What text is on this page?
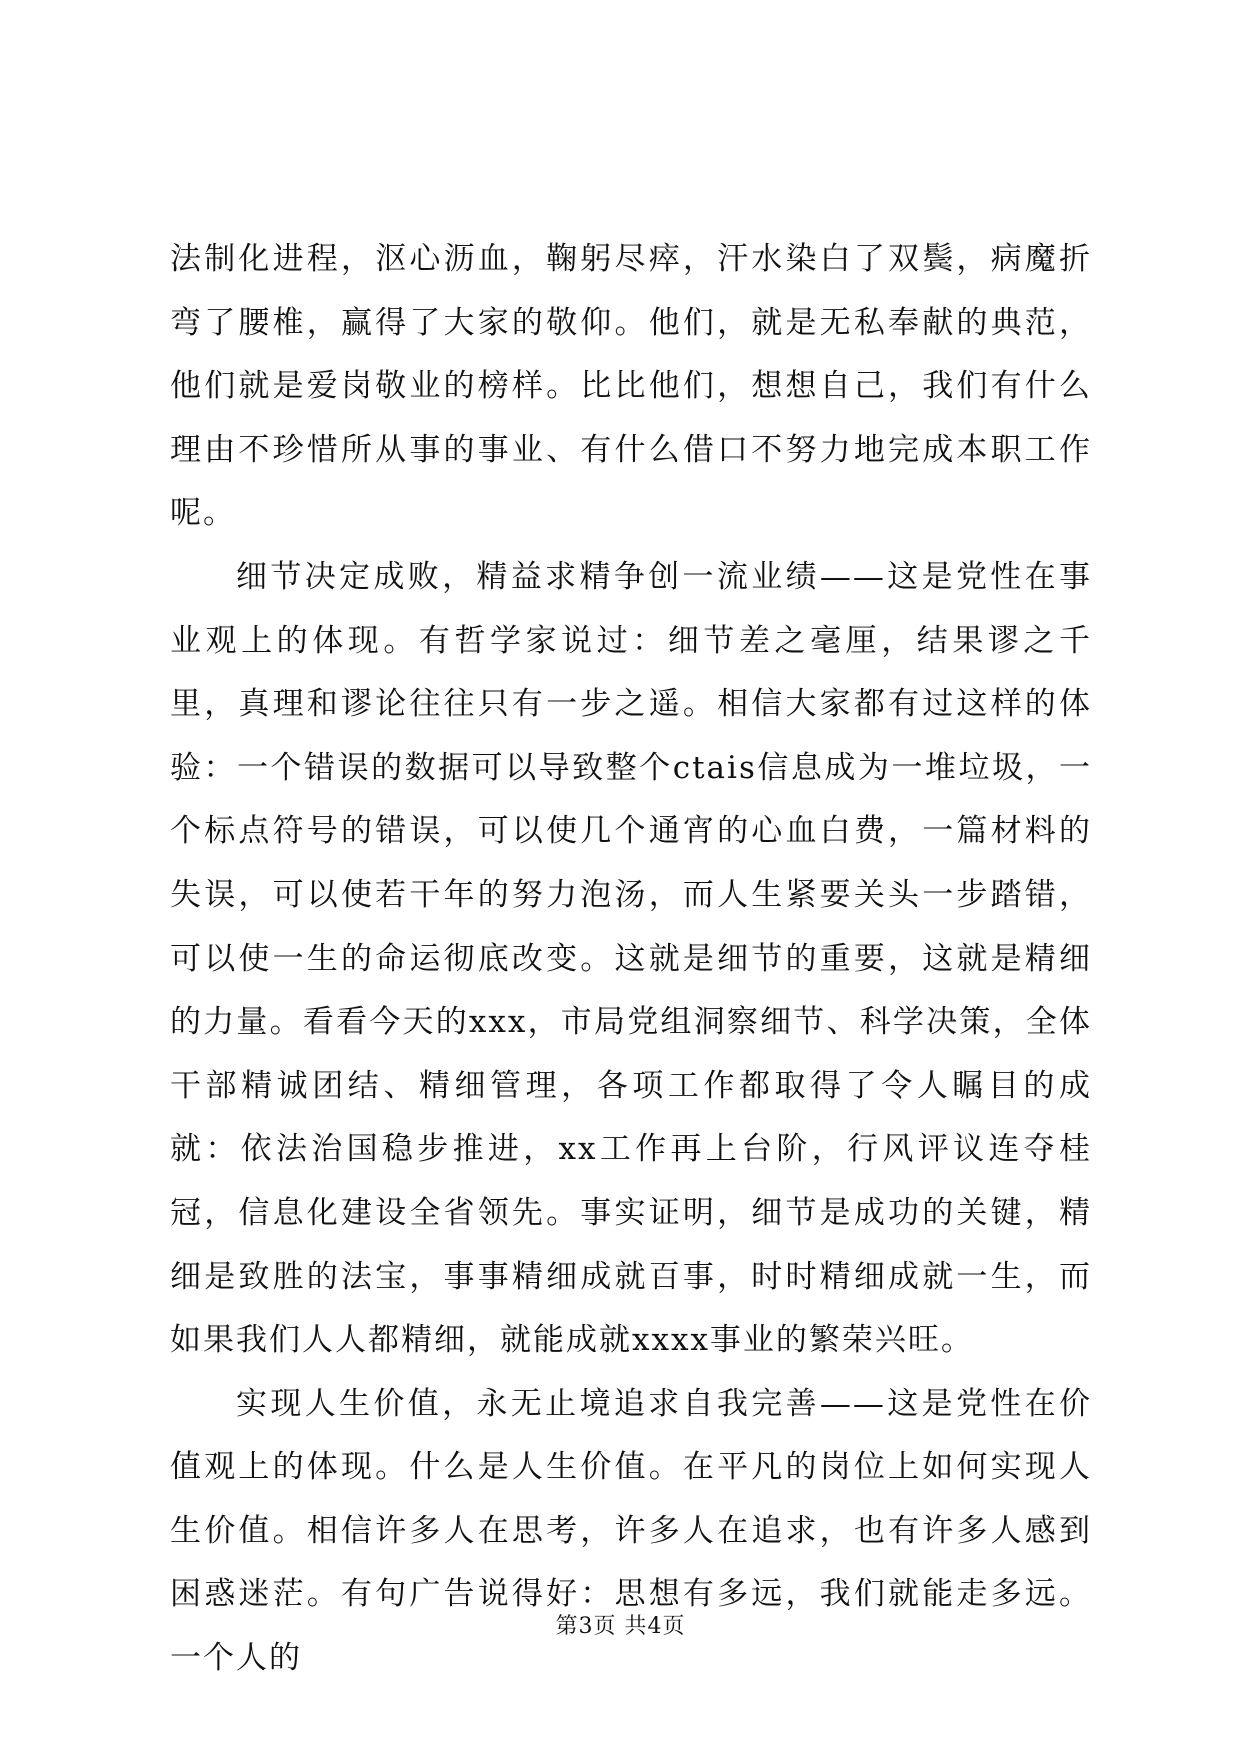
法制化进程，沤心沥血，鞠躬尽瘁，汗水染白了双鬓，病魔折弯了腰椎，赢得了大家的敬仰。他们，就是无私奉献的典范，他们就是爱岗敬业的榜样。比比他们，想想自己，我们有什么理由不珍惜所从事的事业、有什么借口不努力地完成本职工作呢。

细节决定成败，精益求精争创一流业绩——这是党性在事业观上的体现。有哲学家说过：细节差之毫厘，结果谬之千里，真理和谬论往往只有一步之遥。相信大家都有过这样的体验：一个错误的数据可以导致整个ctais信息成为一堆垃圾，一个标点符号的错误，可以使几个通宵的心血白费，一篇材料的失误，可以使若干年的努力泡汤，而人生紧要关头一步踏错，可以使一生的命运彻底改变。这就是细节的重要，这就是精细的力量。看看今天的xxx，市局党组洞察细节、科学决策，全体干部精诚团结、精细管理，各项工作都取得了令人瞩目的成就：依法治国稳步推进，xx工作再上台阶，行风评议连夺桂冠，信息化建设全省领先。事实证明，细节是成功的关键，精细是致胜的法宝，事事精细成就百事，时时精细成就一生，而如果我们人人都精细，就能成就xxxx事业的繁荣兴旺。

实现人生价值，永无止境追求自我完善——这是党性在价值观上的体现。什么是人生价值。在平凡的岗位上如何实现人生价值。相信许多人在思考，许多人在追求，也有许多人感到困惑迷茫。有句广告说得好：思想有多远，我们就能走多远。一个人的

第3页 共4页
